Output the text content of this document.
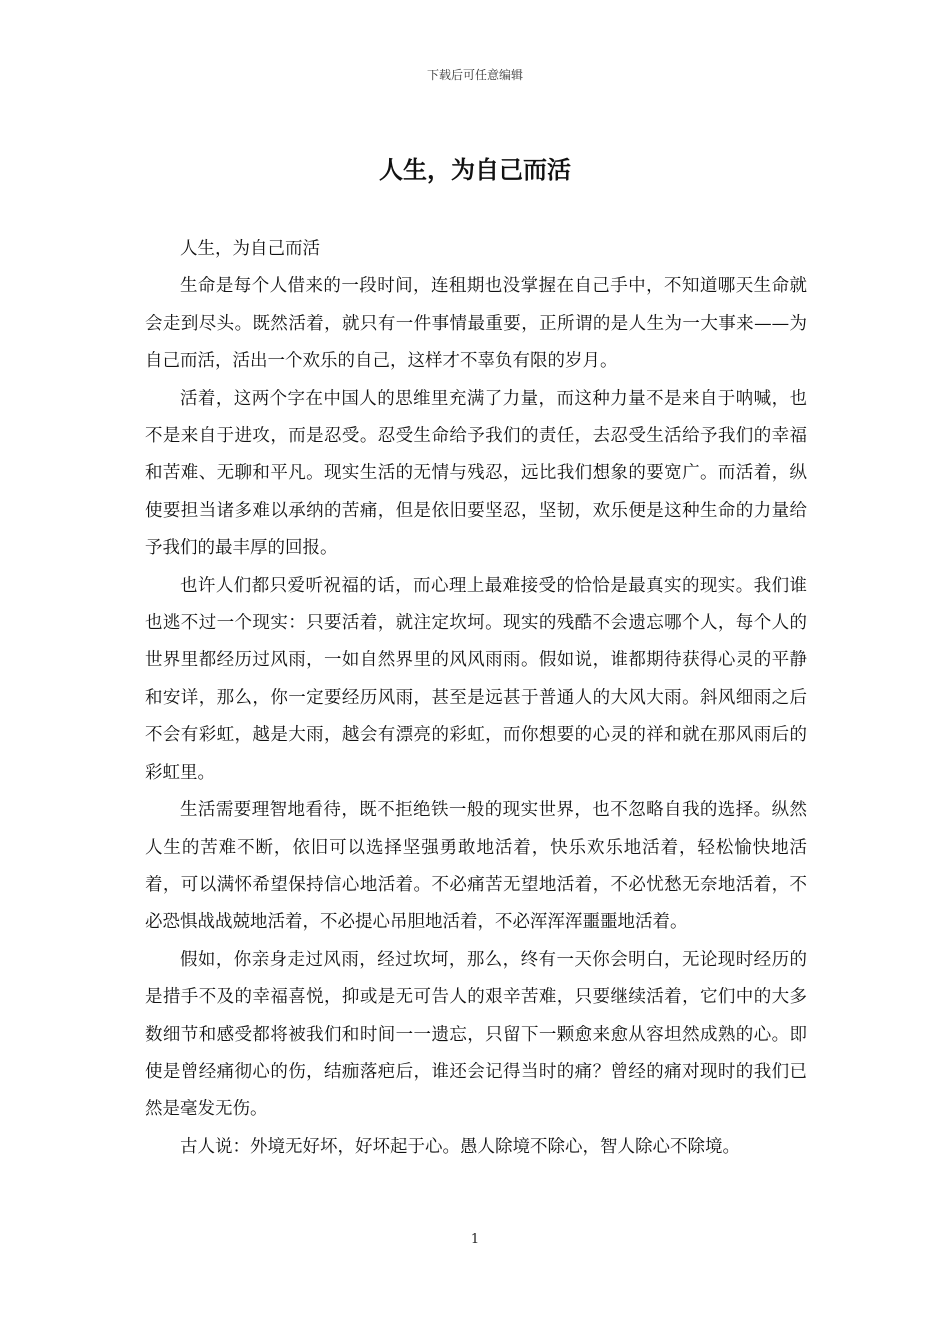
下载后可任意编辑
人生，为自己而活

人生，为自己而活

生命是每个人借来的一段时间，连租期也没掌握在自己手中，不知道哪天生命就会走到尽头。既然活着，就只有一件事情最重要，正所谓的是人生为一大事来——为自己而活，活出一个欢乐的自己，这样才不辜负有限的岁月。

活着，这两个字在中国人的思维里充满了力量，而这种力量不是来自于呐喊，也不是来自于进攻，而是忍受。忍受生命给予我们的责任，去忍受生活给予我们的幸福和苦难、无聊和平凡。现实生活的无情与残忍，远比我们想象的要宽广。而活着，纵使要担当诸多难以承纳的苦痛，但是依旧要坚忍，坚韧，欢乐便是这种生命的力量给予我们的最丰厚的回报。

也许人们都只爱听祝福的话，而心理上最难接受的恰恰是最真实的现实。我们谁也逃不过一个现实：只要活着，就注定坎坷。现实的残酷不会遗忘哪个人，每个人的世界里都经历过风雨，一如自然界里的风风雨雨。假如说，谁都期待获得心灵的平静和安详，那么，你一定要经历风雨，甚至是远甚于普通人的大风大雨。斜风细雨之后不会有彩虹，越是大雨，越会有漂亮的彩虹，而你想要的心灵的祥和就在那风雨后的彩虹里。

生活需要理智地看待，既不拒绝铁一般的现实世界，也不忽略自我的选择。纵然人生的苦难不断，依旧可以选择坚强勇敢地活着，快乐欢乐地活着，轻松愉快地活着，可以满怀希望保持信心地活着。不必痛苦无望地活着，不必忧愁无奈地活着，不必恐惧战战兢地活着，不必提心吊胆地活着，不必浑浑浑噩噩地活着。

假如，你亲身走过风雨，经过坎坷，那么，终有一天你会明白，无论现时经历的是措手不及的幸福喜悦，抑或是无可告人的艰辛苦难，只要继续活着，它们中的大多数细节和感受都将被我们和时间一一遗忘，只留下一颗愈来愈从容坦然成熟的心。即使是曾经痛彻心的伤，结痂落疤后，谁还会记得当时的痛？曾经的痛对现时的我们已然是毫发无伤。

古人说：外境无好坏，好坏起于心。愚人除境不除心，智人除心不除境。

1
